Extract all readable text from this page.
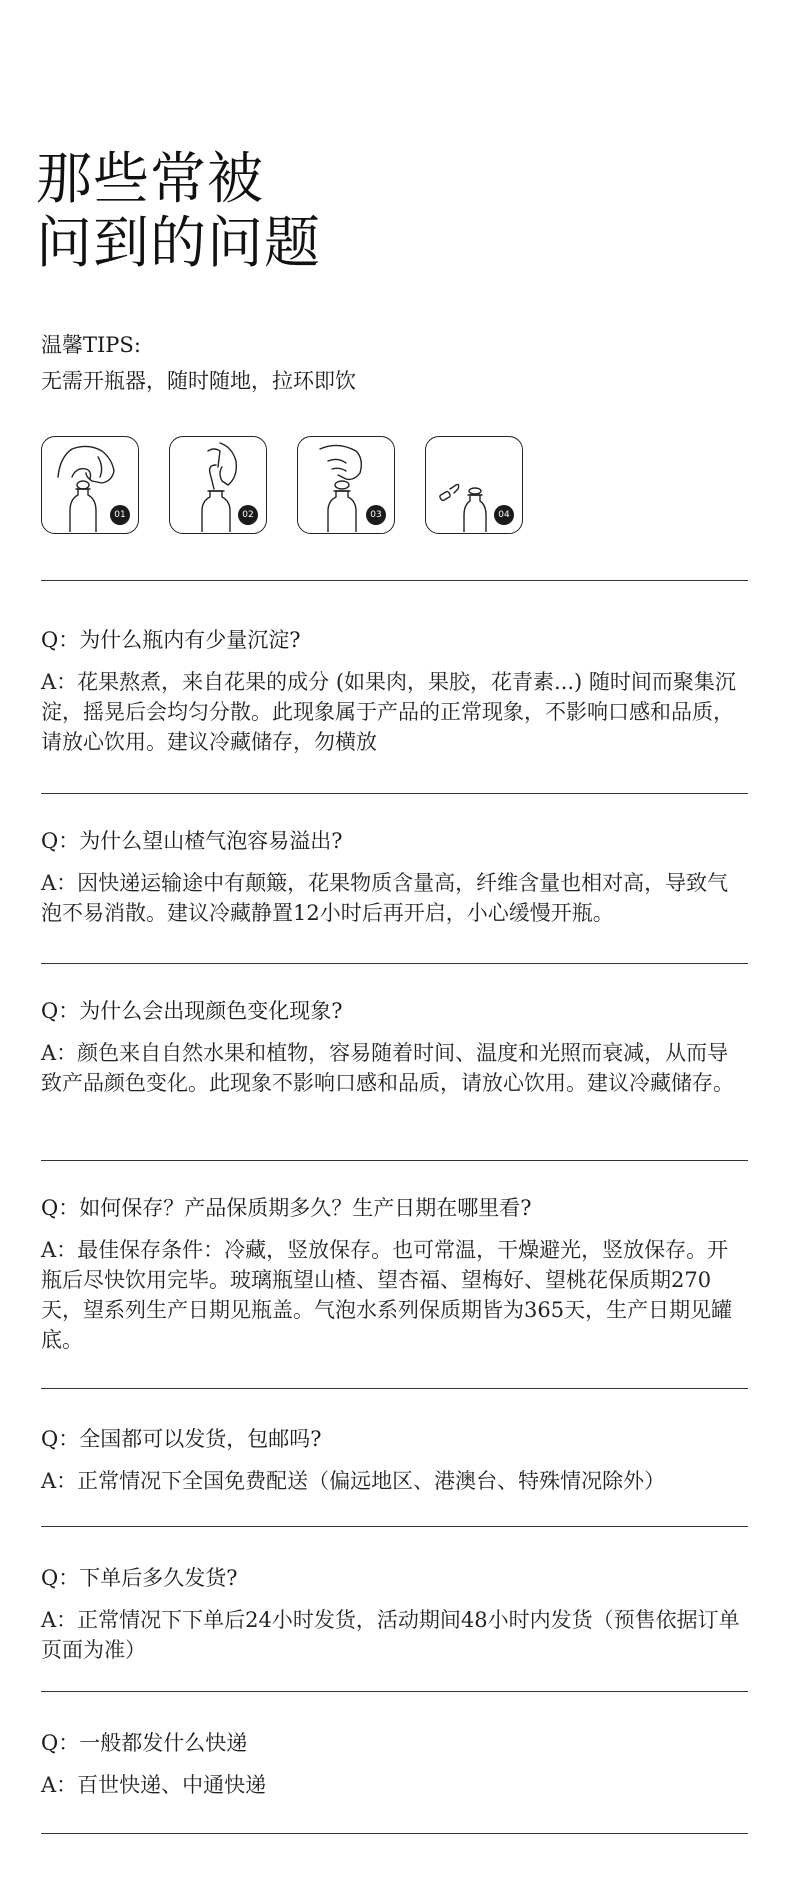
那些常被
问到的问题

温馨TIPS:

无需开瓶器，随时随地，拉环即饮

01	02	03	04

Q：为什么瓶内有少量沉淀?

A：花果熬煮，来自花果的成分 (如果肉，果胶，花青素...) 随时间而聚集沉淀，摇晃后会均匀分散。此现象属于产品的正常现象，不影响口感和品质，请放心饮用。建议冷藏储存，勿横放

Q：为什么望山楂气泡容易溢出?

A：因快递运输途中有颠簸，花果物质含量高，纤维含量也相对高，导致气泡不易消散。建议冷藏静置12小时后再开启，小心缓慢开瓶。

Q：为什么会出现颜色变化现象?

A：颜色来自自然水果和植物，容易随着时间、温度和光照而衰减，从而导致产品颜色变化。此现象不影响口感和品质，请放心饮用。建议冷藏储存。

Q：如何保存？产品保质期多久？生产日期在哪里看?

A：最佳保存条件：冷藏，竖放保存。也可常温，干燥避光，竖放保存。开瓶后尽快饮用完毕。玻璃瓶望山楂、望杏福、望梅好、望桃花保质期270天，望系列生产日期见瓶盖。气泡水系列保质期皆为365天，生产日期见罐底。

Q：全国都可以发货，包邮吗?

A：正常情况下全国免费配送（偏远地区、港澳台、特殊情况除外）

Q：下单后多久发货?

A：正常情况下下单后24小时发货，活动期间48小时内发货（预售依据订单页面为准）

Q：一般都发什么快递

A：百世快递、中通快递
